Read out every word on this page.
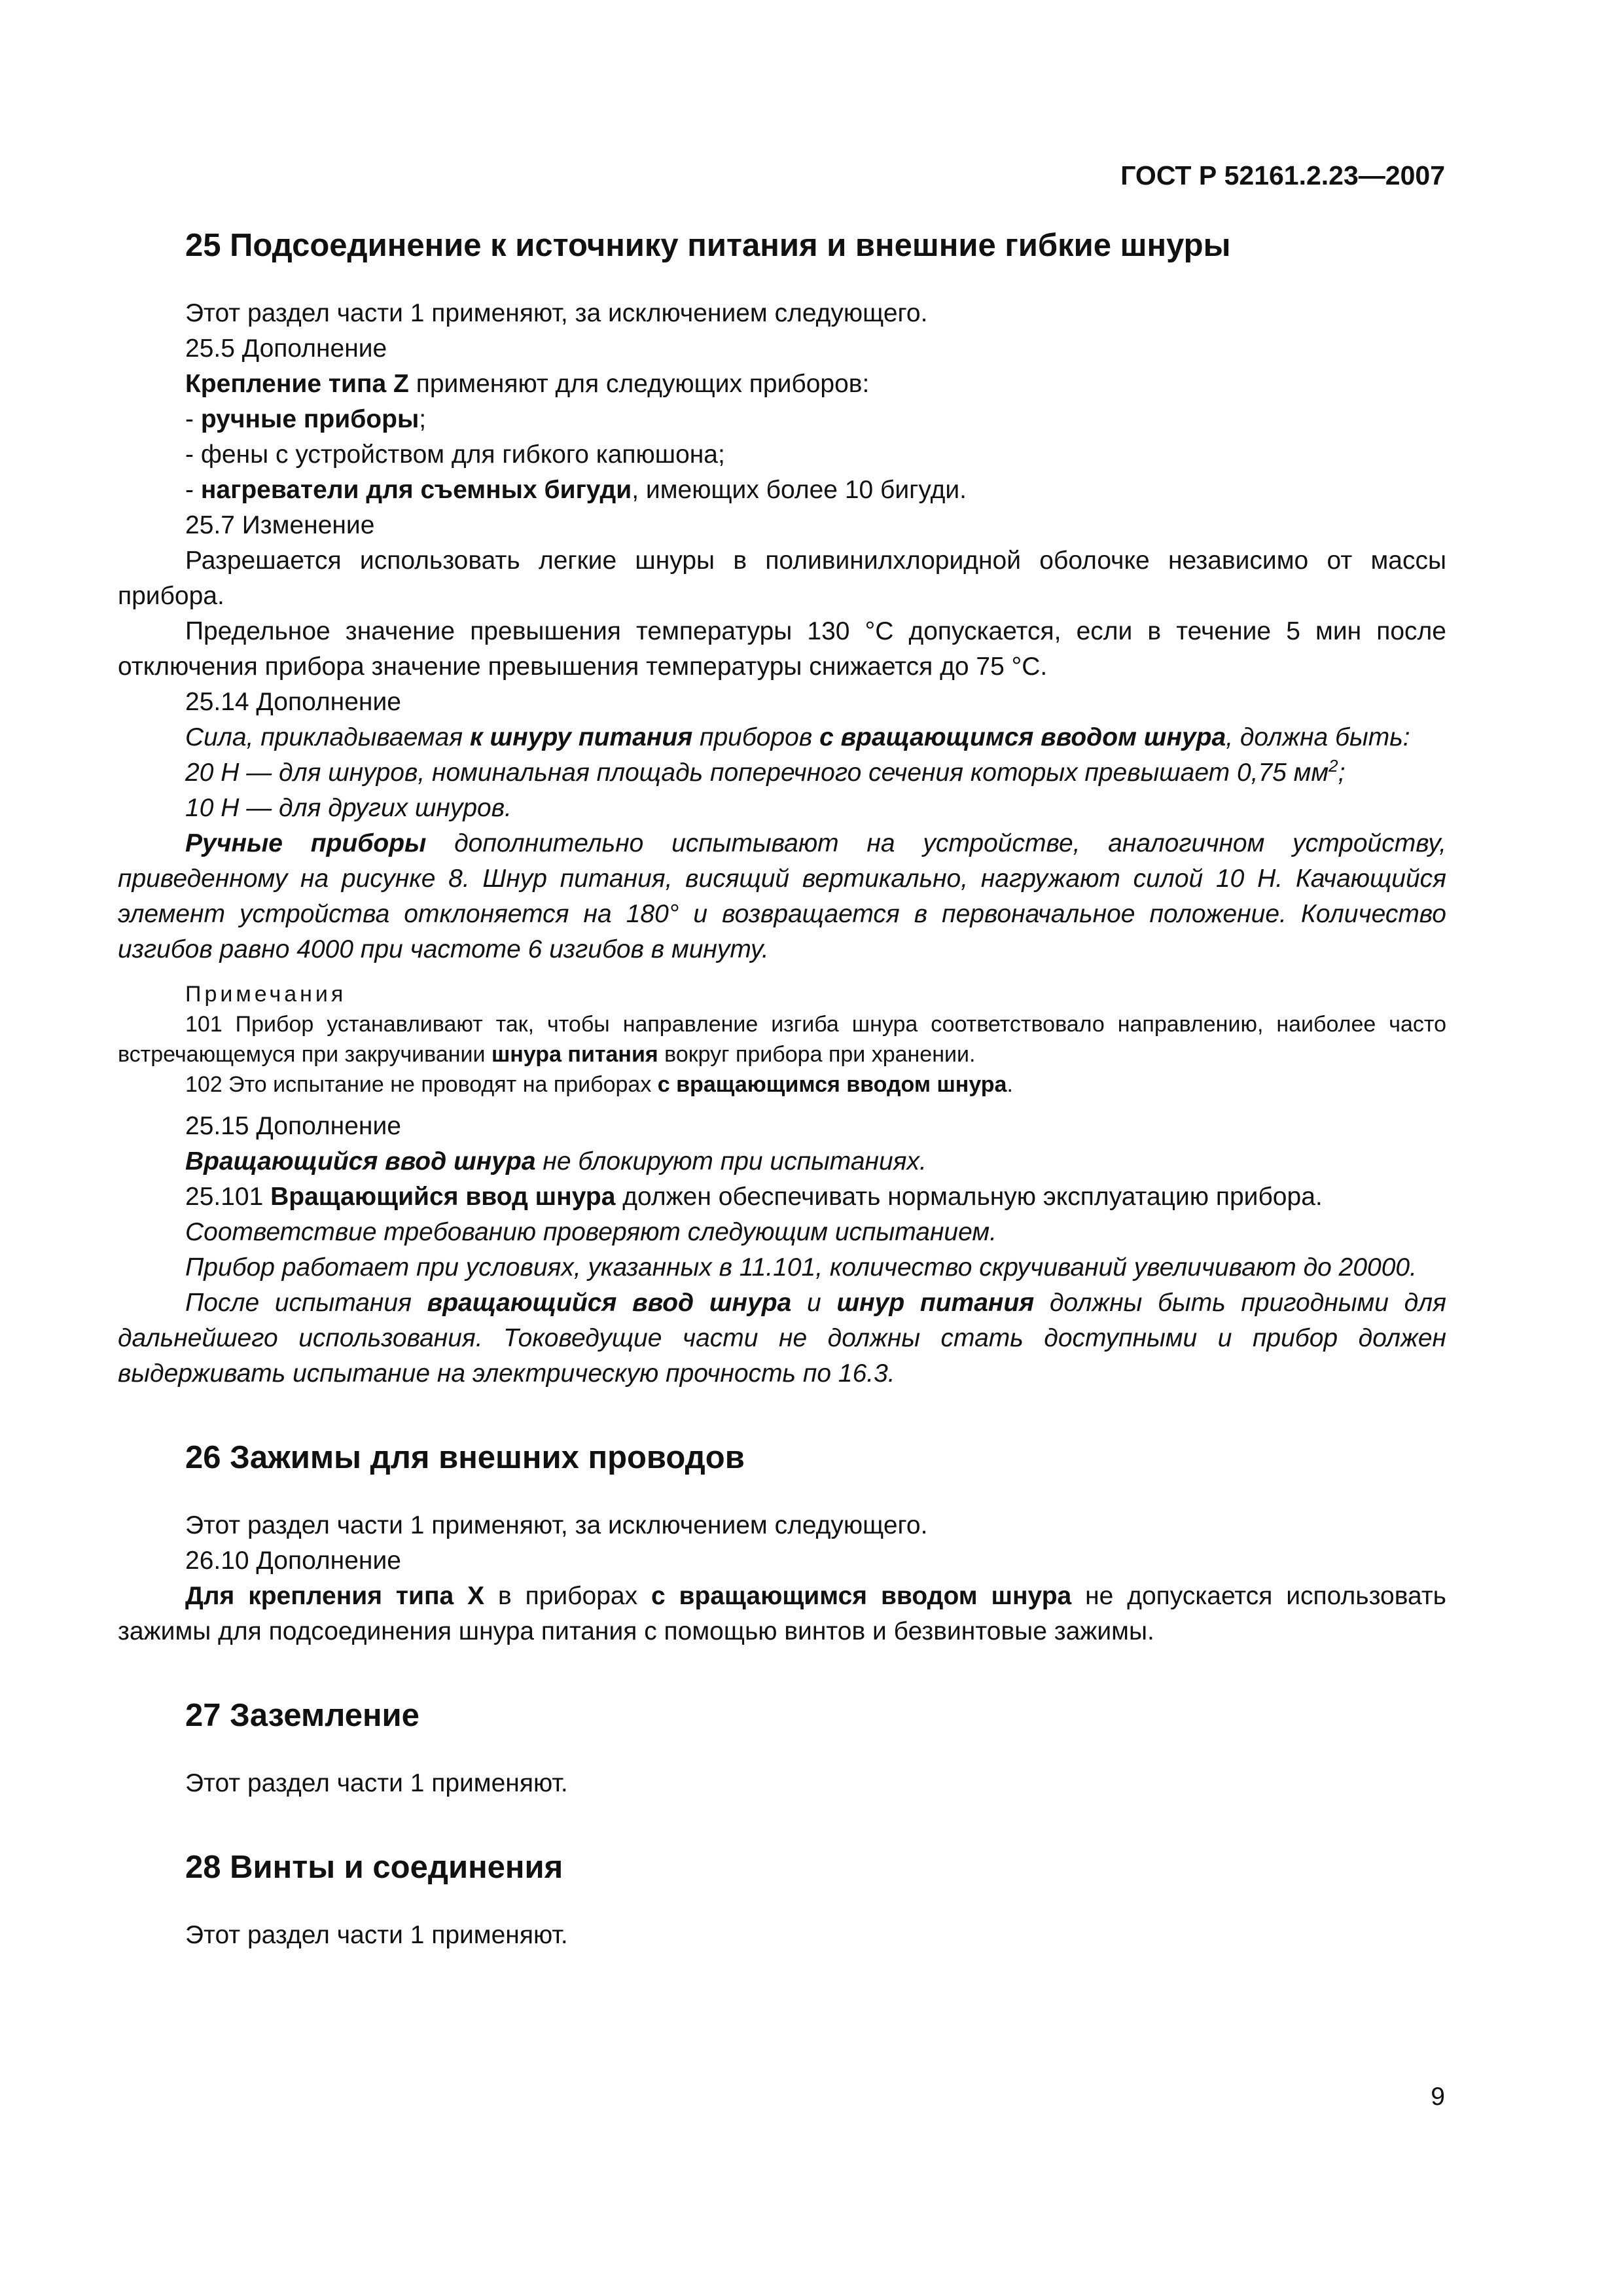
ГОСТ Р 52161.2.23—2007
25 Подсоединение к источнику питания и внешние гибкие шнуры

Этот раздел части 1 применяют, за исключением следующего.

25.5 Дополнение

Крепление типа Z применяют для следующих приборов:

- ручные приборы;

- фены с устройством для гибкого капюшона;

- нагреватели для съемных бигуди, имеющих более 10 бигуди.

25.7 Изменение

Разрешается использовать легкие шнуры в поливинилхлоридной оболочке независимо от массы прибора.

Предельное значение превышения температуры 130 °С допускается, если в течение 5 мин после отключения прибора значение превышения температуры снижается до 75 °С.

25.14 Дополнение

Сила, прикладываемая к шнуру питания приборов с вращающимся вводом шнура, должна быть:

20 Н — для шнуров, номинальная площадь поперечного сечения которых превышает 0,75 $мм^2$;

10 Н — для других шнуров.

Ручные приборы дополнительно испытывают на устройстве, аналогичном устройству, приведенному на рисунке 8. Шнур питания, висящий вертикально, нагружают силой 10 Н. Качающийся элемент устройства отклоняется на 180° и возвращается в первоначальное положение. Количество изгибов равно 4000 при частоте 6 изгибов в минуту.

Примечания

101 Прибор устанавливают так, чтобы направление изгиба шнура соответствовало направлению, наиболее часто встречающемуся при закручивании шнура питания вокруг прибора при хранении.

102 Это испытание не проводят на приборах с вращающимся вводом шнура.

25.15 Дополнение

Вращающийся ввод шнура не блокируют при испытаниях.

25.101 Вращающийся ввод шнура должен обеспечивать нормальную эксплуатацию прибора.

Соответствие требованию проверяют следующим испытанием.

Прибор работает при условиях, указанных в 11.101, количество скручиваний увеличивают до 20000.

После испытания вращающийся ввод шнура и шнур питания должны быть пригодными для дальнейшего использования. Токоведущие части не должны стать доступными и прибор должен выдерживать испытание на электрическую прочность по 16.3.

26 Зажимы для внешних проводов

Этот раздел части 1 применяют, за исключением следующего.

26.10 Дополнение

Для крепления типа X в приборах с вращающимся вводом шнура не допускается использовать зажимы для подсоединения шнура питания с помощью винтов и безвинтовые зажимы.

27 Заземление

Этот раздел части 1 применяют.

28 Винты и соединения

Этот раздел части 1 применяют.

9
